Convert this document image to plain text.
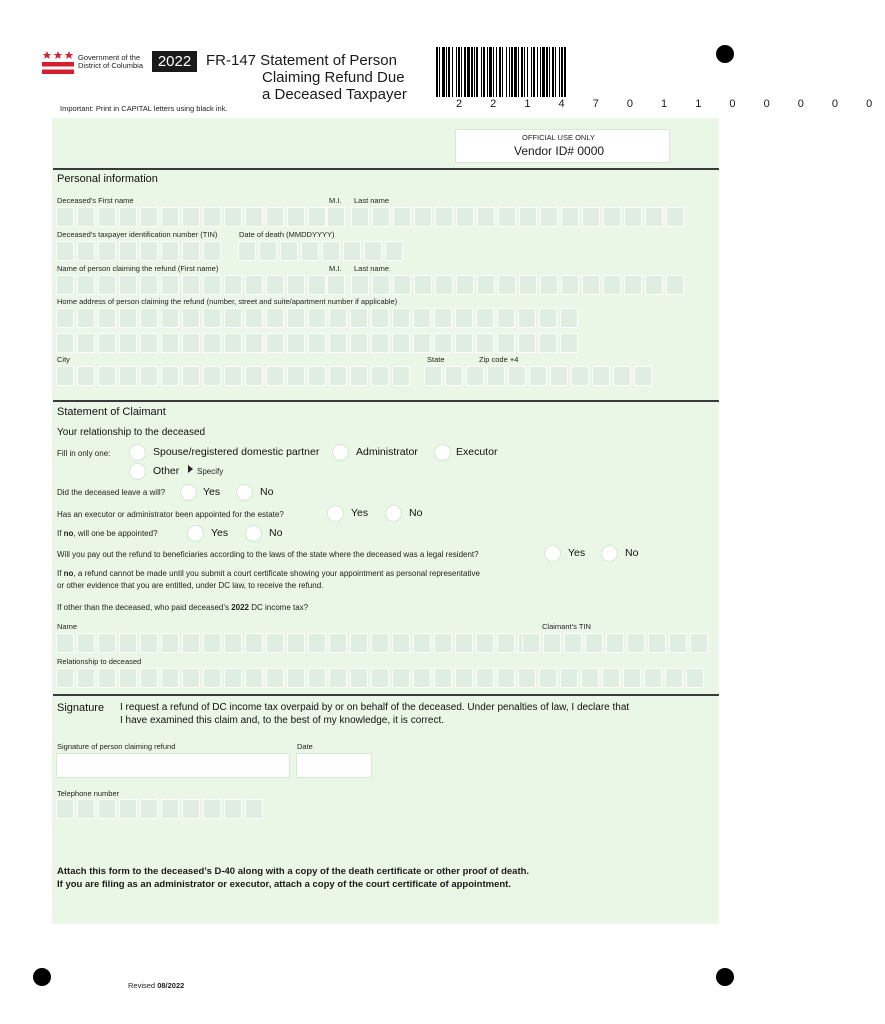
Government of the
District of Columbia 2022 FR-147 Statement of Person
Claiming Refund Due
a Deceased Taxpayer
Important: Print in CAPITAL letters using black ink.	2 2 1 4 7 0 1 1 0 0 0 0 0
OFFICIAL USE ONLY
Vendor ID# 0000
Personal information
Deceased’s First name	M.I. Last name
Deceased’s taxpayer identification number (TIN)	Date of death (MMDDYYYY)
Name of person claiming the refund (First name)	M.I. Last name
Home address of person claiming the refund (number, street and suite/apartment number if applicable)
City	State	Zip code +4
Statement of Claimant
Your relationship to the deceased
Fill in only one:	Spouse/registered domestic partner	Administrator	Executor
Other Specify
Did the deceased leave a will?	Yes	No
Has an executor or administrator been appointed for the estate?	Yes	No
If no, will one be appointed?	Yes	No
Will you pay out the refund to beneficiaries according to the laws of the state where the deceased was a legal resident?	Yes	No
If no, a refund cannot be made until you submit a court certificate showing your appointment as personal representative
or other evidence that you are entitled, under DC law, to receive the refund.
If other than the deceased, who paid deceased’s 2022 DC income tax?
Name	Claimant’s TIN
Relationship to deceased
Signature I request a refund of DC income tax overpaid by or on behalf of the deceased. Under penalties of law, I declare that
I have examined this claim and, to the best of my knowledge, it is correct.
Signature of person claiming refund	Date
Telephone number
Attach this form to the deceased’s D-40 along with a copy of the death certificate or other proof of death.
If you are filing as an administrator or executor, attach a copy of the court certificate of appointment.
Revised 08/2022
